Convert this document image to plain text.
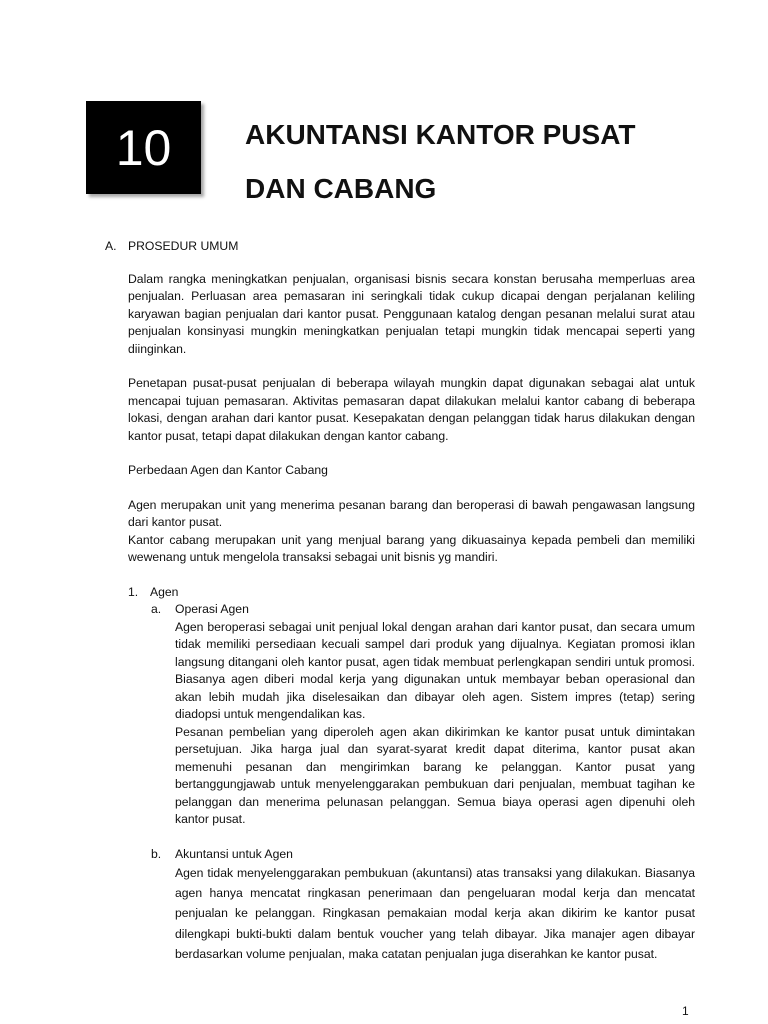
10	AKUNTANSI KANTOR PUSAT
DAN CABANG
A. PROSEDUR UMUM

Dalam rangka meningkatkan penjualan, organisasi bisnis secara konstan berusaha memperluas area penjualan. Perluasan area pemasaran ini seringkali tidak cukup dicapai dengan perjalanan keliling karyawan bagian penjualan dari kantor pusat. Penggunaan katalog dengan pesanan melalui surat atau penjualan konsinyasi mungkin meningkatkan penjualan tetapi mungkin tidak mencapai seperti yang diinginkan.

Penetapan pusat-pusat penjualan di beberapa wilayah mungkin dapat digunakan sebagai alat untuk mencapai tujuan pemasaran. Aktivitas pemasaran dapat dilakukan melalui kantor cabang di beberapa lokasi, dengan arahan dari kantor pusat. Kesepakatan dengan pelanggan tidak harus dilakukan dengan kantor pusat, tetapi dapat dilakukan dengan kantor cabang.

Perbedaan Agen dan Kantor Cabang

Agen merupakan unit yang menerima pesanan barang dan beroperasi di bawah pengawasan langsung dari kantor pusat.

Kantor cabang merupakan unit yang menjual barang yang dikuasainya kepada pembeli dan memiliki wewenang untuk mengelola transaksi sebagai unit bisnis yg mandiri.

1. Agen
a. Operasi Agen

Agen beroperasi sebagai unit penjual lokal dengan arahan dari kantor pusat, dan secara umum tidak memiliki persediaan kecuali sampel dari produk yang dijualnya. Kegiatan promosi iklan langsung ditangani oleh kantor pusat, agen tidak membuat perlengkapan sendiri untuk promosi. Biasanya agen diberi modal kerja yang digunakan untuk membayar beban operasional dan akan lebih mudah jika diselesaikan dan dibayar oleh agen. Sistem impres (tetap) sering diadopsi untuk mengendalikan kas.

Pesanan pembelian yang diperoleh agen akan dikirimkan ke kantor pusat untuk dimintakan persetujuan. Jika harga jual dan syarat-syarat kredit dapat diterima, kantor pusat akan memenuhi pesanan dan mengirimkan barang ke pelanggan. Kantor pusat yang bertanggungjawab untuk menyelenggarakan pembukuan dari penjualan, membuat tagihan ke pelanggan dan menerima pelunasan pelanggan. Semua biaya operasi agen dipenuhi oleh kantor pusat.

b. Akuntansi untuk Agen

Agen tidak menyelenggarakan pembukuan (akuntansi) atas transaksi yang dilakukan. Biasanya agen hanya mencatat ringkasan penerimaan dan pengeluaran modal kerja dan mencatat penjualan ke pelanggan. Ringkasan pemakaian modal kerja akan dikirim ke kantor pusat dilengkapi bukti-bukti dalam bentuk voucher yang telah dibayar. Jika manajer agen dibayar berdasarkan volume penjualan, maka catatan penjualan juga diserahkan ke kantor pusat.

1
